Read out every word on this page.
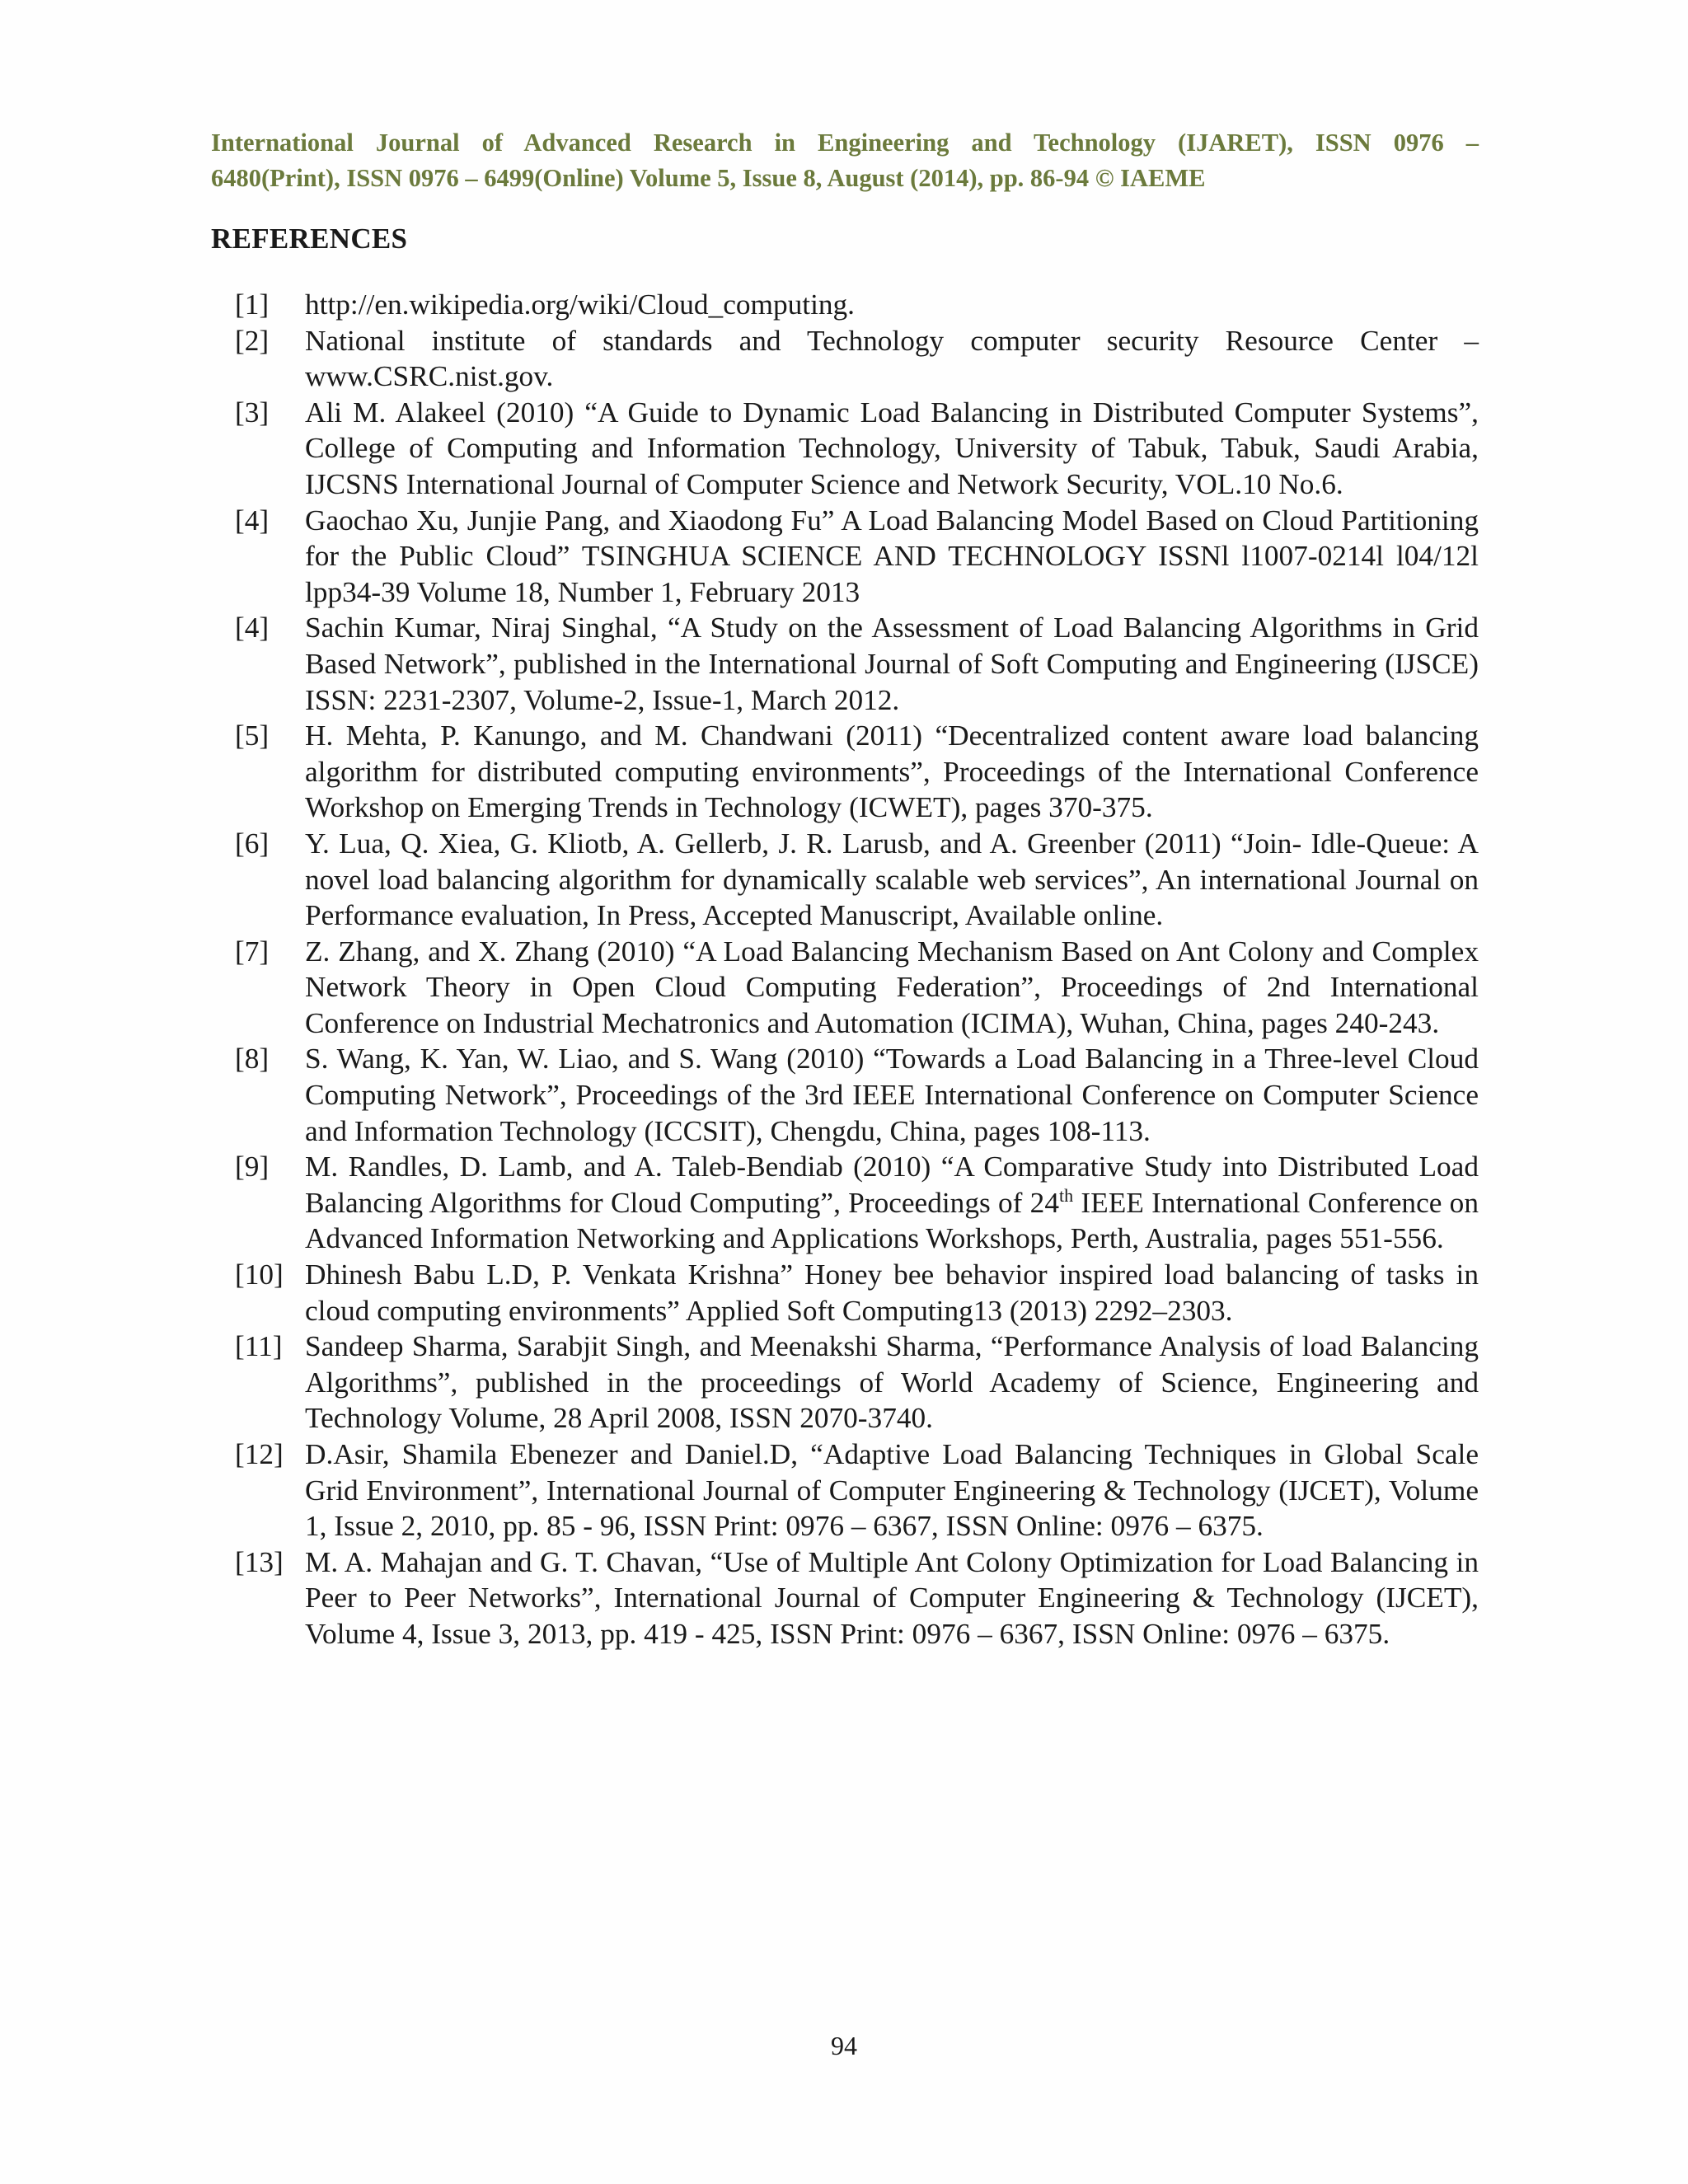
International Journal of Advanced Research in Engineering and Technology (IJARET), ISSN 0976 –
6480(Print), ISSN 0976 – 6499(Online) Volume 5, Issue 8, August (2014), pp. 86-94 © IAEME
REFERENCES
[1]	http://en.wikipedia.org/wiki/Cloud_computing.
[2]	National institute of standards and Technology computer security Resource Center – www.CSRC.nist.gov.
[3]	Ali M. Alakeel (2010) “A Guide to Dynamic Load Balancing in Distributed Computer Systems”, College of Computing and Information Technology, University of Tabuk, Tabuk, Saudi Arabia, IJCSNS International Journal of Computer Science and Network Security, VOL.10 No.6.
[4]	Gaochao Xu, Junjie Pang, and Xiaodong Fu” A Load Balancing Model Based on Cloud Partitioning for the Public Cloud” TSINGHUA SCIENCE AND TECHNOLOGY ISSNl l1007-0214l l04/12l lpp34-39 Volume 18, Number 1, February 2013
[4]	Sachin Kumar, Niraj Singhal, “A Study on the Assessment of Load Balancing Algorithms in Grid Based Network”, published in the International Journal of Soft Computing and Engineering (IJSCE) ISSN: 2231-2307, Volume-2, Issue-1, March 2012.
[5]	H. Mehta, P. Kanungo, and M. Chandwani (2011) “Decentralized content aware load balancing algorithm for distributed computing environments”, Proceedings of the International Conference Workshop on Emerging Trends in Technology (ICWET), pages 370-375.
[6]	Y. Lua, Q. Xiea, G. Kliotb, A. Gellerb, J. R. Larusb, and A. Greenber (2011) “Join- Idle-Queue: A novel load balancing algorithm for dynamically scalable web services”, An international Journal on Performance evaluation, In Press, Accepted Manuscript, Available online.
[7]	Z. Zhang, and X. Zhang (2010) “A Load Balancing Mechanism Based on Ant Colony and Complex Network Theory in Open Cloud Computing Federation”, Proceedings of 2nd International Conference on Industrial Mechatronics and Automation (ICIMA), Wuhan, China, pages 240-243.
[8]	S. Wang, K. Yan, W. Liao, and S. Wang (2010) “Towards a Load Balancing in a Three-level Cloud Computing Network”, Proceedings of the 3rd IEEE International Conference on Computer Science and Information Technology (ICCSIT), Chengdu, China, pages 108-113.
[9]	M. Randles, D. Lamb, and A. Taleb-Bendiab (2010) “A Comparative Study into Distributed Load Balancing Algorithms for Cloud Computing”, Proceedings of 24th IEEE International Conference on Advanced Information Networking and Applications Workshops, Perth, Australia, pages 551-556.
[10] Dhinesh Babu L.D, P. Venkata Krishna” Honey bee behavior inspired load balancing of tasks in cloud computing environments” Applied Soft Computing13 (2013) 2292–2303.
[11] Sandeep Sharma, Sarabjit Singh, and Meenakshi Sharma, “Performance Analysis of load Balancing Algorithms”, published in the proceedings of World Academy of Science, Engineering and Technology Volume, 28 April 2008, ISSN 2070-3740.
[12] D.Asir, Shamila Ebenezer and Daniel.D, “Adaptive Load Balancing Techniques in Global Scale Grid Environment”, International Journal of Computer Engineering & Technology (IJCET), Volume 1, Issue 2, 2010, pp. 85 - 96, ISSN Print: 0976 – 6367, ISSN Online: 0976 – 6375.
[13] M. A. Mahajan and G. T. Chavan, “Use of Multiple Ant Colony Optimization for Load Balancing in Peer to Peer Networks”, International Journal of Computer Engineering & Technology (IJCET), Volume 4, Issue 3, 2013, pp. 419 - 425, ISSN Print: 0976 – 6367, ISSN Online: 0976 – 6375.
94
